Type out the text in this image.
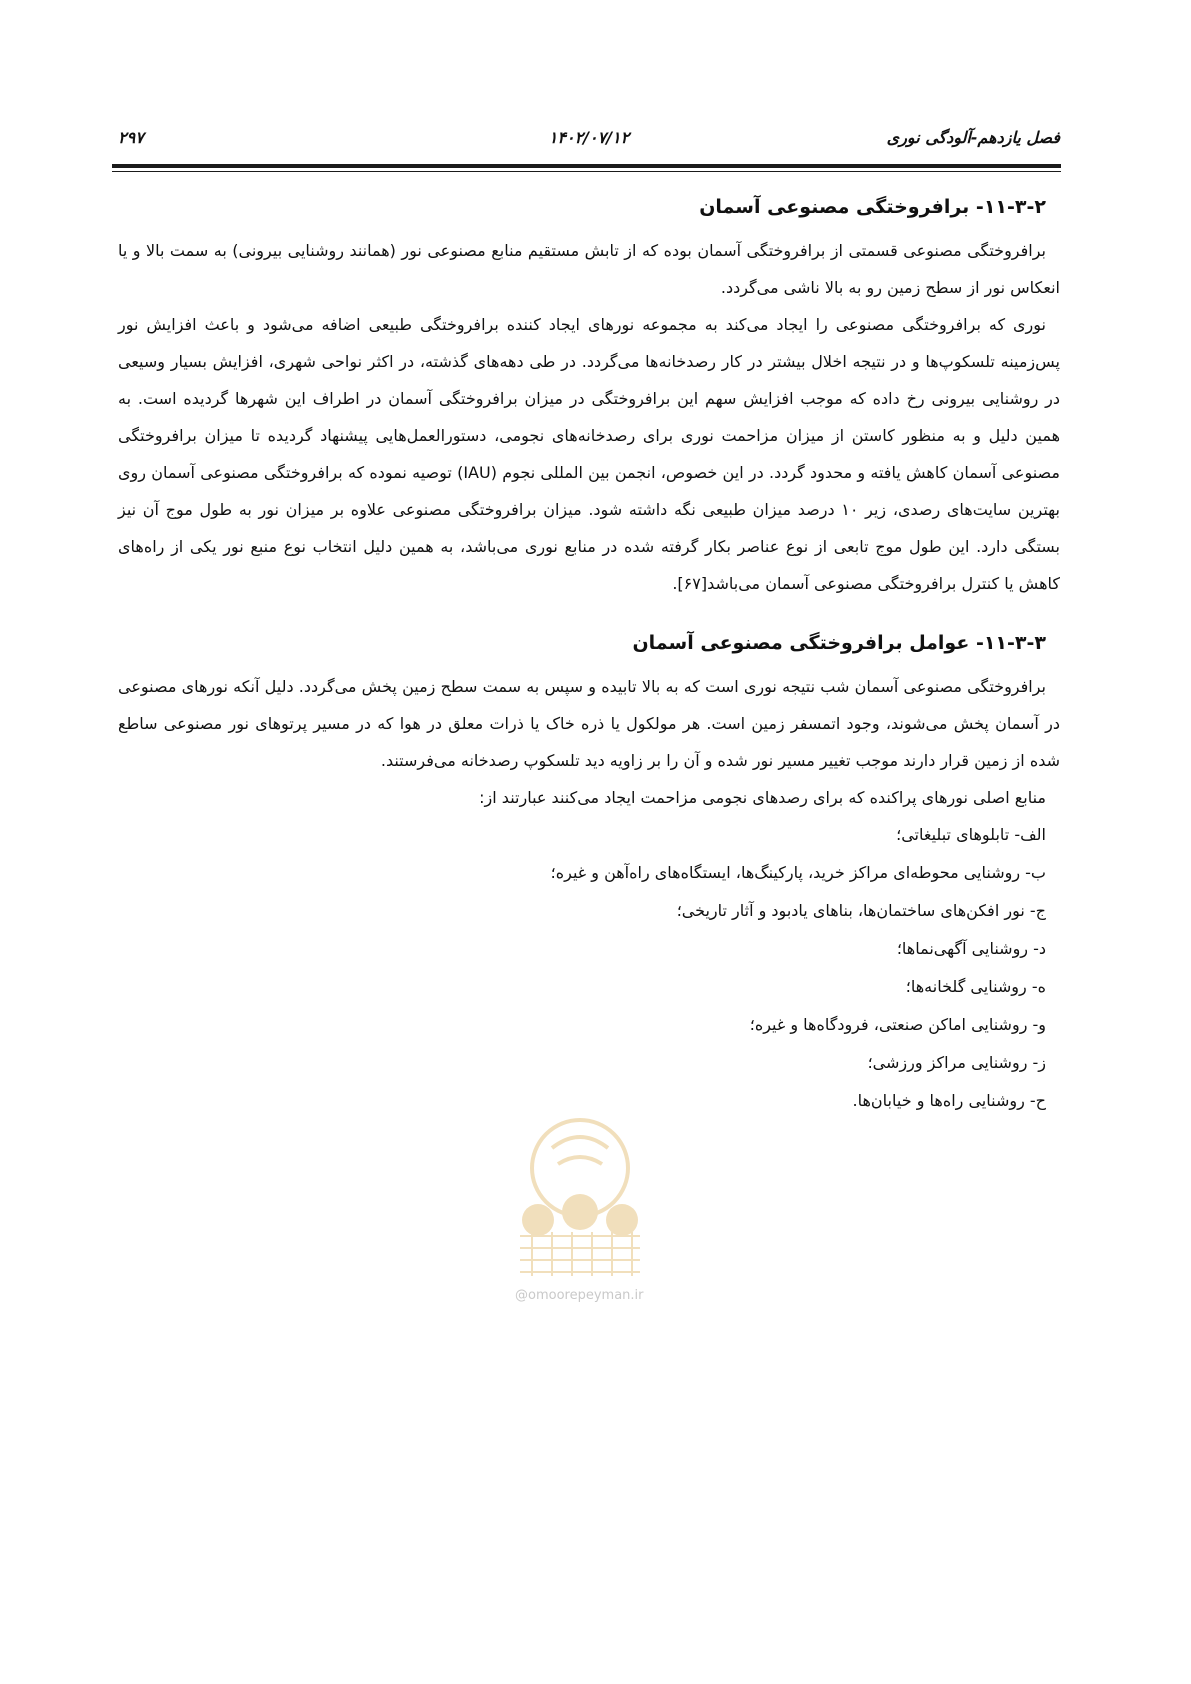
فصل یازدهم-آلودگی نوری
۱۴۰۲/۰۷/۱۲
۲۹۷
۱۱-۳-۲- برافروختگی مصنوعی آسمان

برافروختگی مصنوعی قسمتی از برافروختگی آسمان بوده که از تابش مستقیم منابع مصنوعی نور (همانند روشنایی بیرونی) به سمت بالا و یا انعکاس نور از سطح زمین رو به بالا ناشی می‌گردد.

نوری که برافروختگی مصنوعی را ایجاد می‌کند به مجموعه نورهای ایجاد کننده برافروختگی طبیعی اضافه می‌شود و باعث افزایش نور پس‌زمینه تلسکوپ‌ها و در نتیجه اخلال بیشتر در کار رصدخانه‌ها می‌گردد. در طی دهه‌های گذشته، در اکثر نواحی شهری، افزایش بسیار وسیعی در روشنایی بیرونی رخ داده که موجب افزایش سهم این برافروختگی در میزان برافروختگی آسمان در اطراف این شهرها گردیده است. به همین دلیل و به منظور کاستن از میزان مزاحمت نوری برای رصدخانه‌های نجومی، دستورالعمل‌هایی پیشنهاد گردیده تا میزان برافروختگی مصنوعی آسمان کاهش یافته و محدود گردد. در این خصوص، انجمن بین المللی نجوم (IAU) توصیه نموده که برافروختگی مصنوعی آسمان روی بهترین سایت‌های رصدی، زیر ۱۰ درصد میزان طبیعی نگه داشته شود. میزان برافروختگی مصنوعی علاوه بر میزان نور به طول موج آن نیز بستگی دارد. این طول موج تابعی از نوع عناصر بکار گرفته شده در منابع نوری می‌باشد، به همین دلیل انتخاب نوع منبع نور یکی از راه‌های کاهش یا کنترل برافروختگی مصنوعی آسمان می‌باشد[۶۷].

۱۱-۳-۳- عوامل برافروختگی مصنوعی آسمان

برافروختگی مصنوعی آسمان شب نتیجه نوری است که به بالا تابیده و سپس به سمت سطح زمین پخش می‌گردد. دلیل آنکه نورهای مصنوعی در آسمان پخش می‌شوند، وجود اتمسفر زمین است. هر مولکول یا ذره خاک یا ذرات معلق در هوا که در مسیر پرتوهای نور مصنوعی ساطع شده از زمین قرار دارند موجب تغییر مسیر نور شده و آن را بر زاویه دید تلسکوپ رصدخانه می‌فرستند.

منابع اصلی نورهای پراکنده که برای رصدهای نجومی مزاحمت ایجاد می‌کنند عبارتند از:

الف- تابلوهای تبلیغاتی؛
ب- روشنایی محوطه‌ای مراکز خرید، پارکینگ‌ها، ایستگاه‌های راه‌آهن و غیره؛
ج- نور افکن‌های ساختمان‌ها، بناهای یادبود و آثار تاریخی؛
د- روشنایی آگهی‌نماها؛
ه- روشنایی گلخانه‌ها؛
و- روشنایی اماکن صنعتی، فرودگاه‌ها و غیره؛
ز- روشنایی مراکز ورزشی؛
ح- روشنایی راه‌ها و خیابان‌ها.
@omoorepeyman.ir
